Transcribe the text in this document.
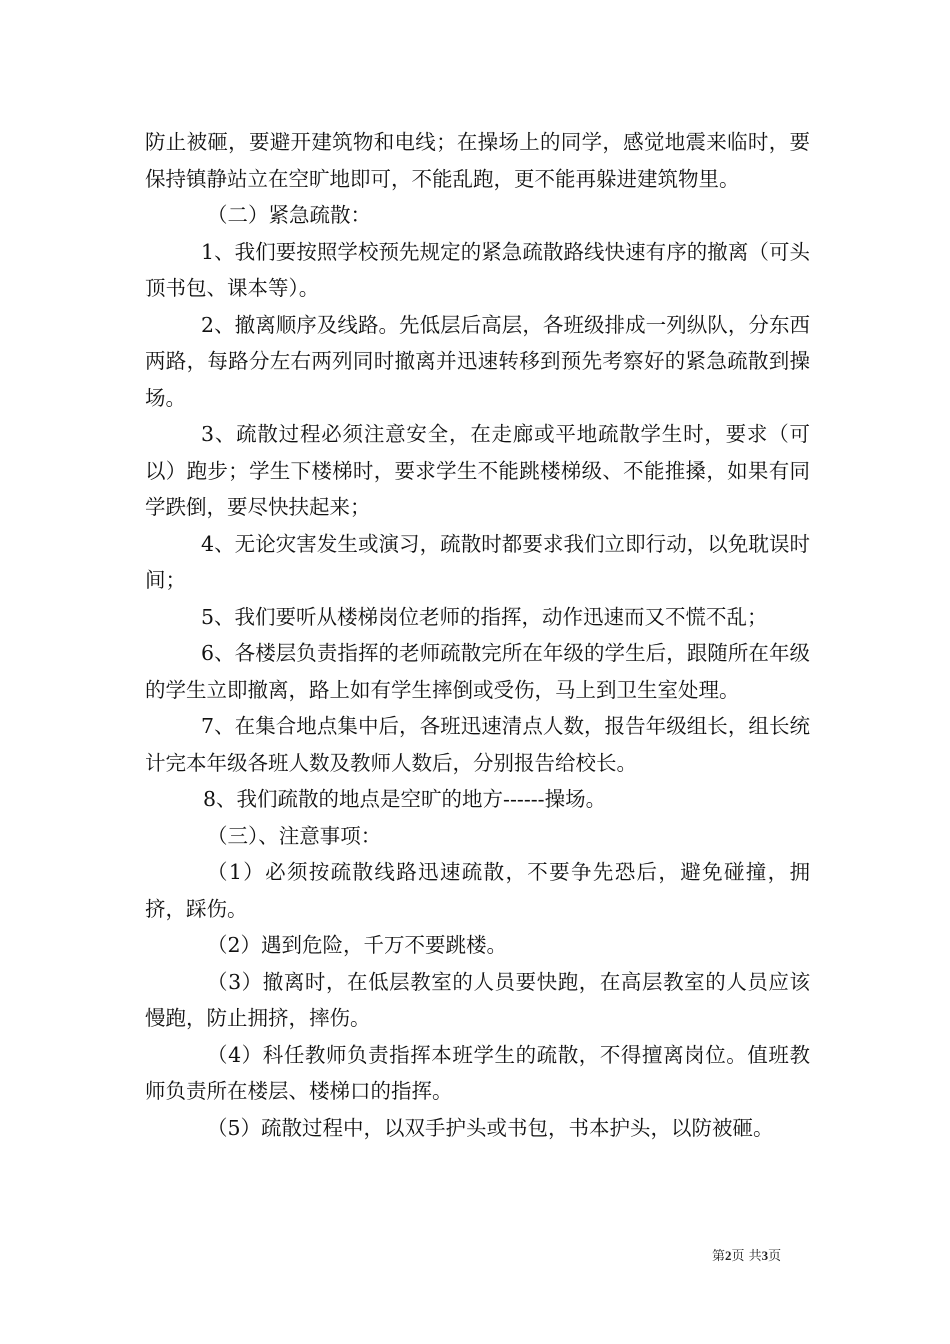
防止被砸，要避开建筑物和电线；在操场上的同学，感觉地震来临时，要保持镇静站立在空旷地即可，不能乱跑，更不能再躲进建筑物里。

（二）紧急疏散：

1、我们要按照学校预先规定的紧急疏散路线快速有序的撤离（可头顶书包、课本等）。

2、撤离顺序及线路。先低层后高层，各班级排成一列纵队，分东西两路，每路分左右两列同时撤离并迅速转移到预先考察好的紧急疏散到操场。

3、疏散过程必须注意安全，在走廊或平地疏散学生时，要求（可以）跑步；学生下楼梯时，要求学生不能跳楼梯级、不能推搡，如果有同学跌倒，要尽快扶起来；

4、无论灾害发生或演习，疏散时都要求我们立即行动，以免耽误时间；

5、我们要听从楼梯岗位老师的指挥，动作迅速而又不慌不乱；

6、各楼层负责指挥的老师疏散完所在年级的学生后，跟随所在年级的学生立即撤离，路上如有学生摔倒或受伤，马上到卫生室处理。

7、在集合地点集中后，各班迅速清点人数，报告年级组长，组长统计完本年级各班人数及教师人数后，分别报告给校长。

8、我们疏散的地点是空旷的地方------操场。

（三）、注意事项：

（1）必须按疏散线路迅速疏散，不要争先恐后，避免碰撞，拥挤，踩伤。

（2）遇到危险，千万不要跳楼。

（3）撤离时，在低层教室的人员要快跑，在高层教室的人员应该慢跑，防止拥挤，摔伤。

（4）科任教师负责指挥本班学生的疏散，不得擅离岗位。值班教师负责所在楼层、楼梯口的指挥。

（5）疏散过程中，以双手护头或书包，书本护头，以防被砸。

第2页 共3页
